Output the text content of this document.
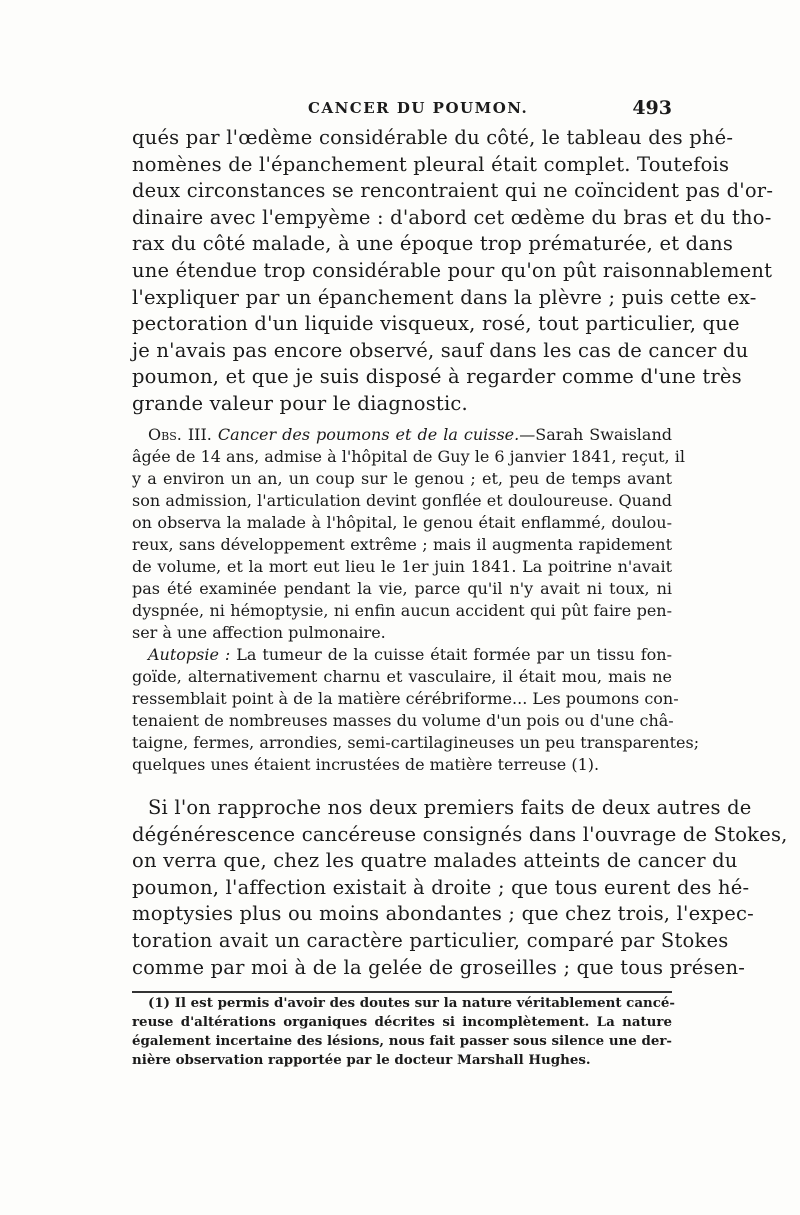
CANCER DU POUMON.	493
qués par l'œdème considérable du côté, le tableau des phé-
nomènes de l'épanchement pleural était complet. Toutefois
deux circonstances se rencontraient qui ne coïncident pas d'or-
dinaire avec l'empyème : d'abord cet œdème du bras et du tho-
rax du côté malade, à une époque trop prématurée, et dans
une étendue trop considérable pour qu'on pût raisonnablement
l'expliquer par un épanchement dans la plèvre ; puis cette ex-
pectoration d'un liquide visqueux, rosé, tout particulier, que
je n'avais pas encore observé, sauf dans les cas de cancer du
poumon, et que je suis disposé à regarder comme d'une très
grande valeur pour le diagnostic.
Obs. III. Cancer des poumons et de la cuisse.—Sarah Swaisland
âgée de 14 ans, admise à l'hôpital de Guy le 6 janvier 1841, reçut, il
y a environ un an, un coup sur le genou ; et, peu de temps avant
son admission, l'articulation devint gonflée et douloureuse. Quand
on observa la malade à l'hôpital, le genou était enflammé, doulou-
reux, sans développement extrême ; mais il augmenta rapidement
de volume, et la mort eut lieu le 1er juin 1841. La poitrine n'avait
pas été examinée pendant la vie, parce qu'il n'y avait ni toux, ni
dyspnée, ni hémoptysie, ni enfin aucun accident qui pût faire pen-
ser à une affection pulmonaire.
Autopsie : La tumeur de la cuisse était formée par un tissu fon-
goïde, alternativement charnu et vasculaire, il était mou, mais ne
ressemblait point à de la matière cérébriforme... Les poumons con-
tenaient de nombreuses masses du volume d'un pois ou d'une châ-
taigne, fermes, arrondies, semi-cartilagineuses un peu transparentes;
quelques unes étaient incrustées de matière terreuse (1).
Si l'on rapproche nos deux premiers faits de deux autres de
dégénérescence cancéreuse consignés dans l'ouvrage de Stokes,
on verra que, chez les quatre malades atteints de cancer du
poumon, l'affection existait à droite ; que tous eurent des hé-
moptysies plus ou moins abondantes ; que chez trois, l'expec-
toration avait un caractère particulier, comparé par Stokes
comme par moi à de la gelée de groseilles ; que tous présen-
(1) Il est permis d'avoir des doutes sur la nature véritablement cancé-
reuse d'altérations organiques décrites si incomplètement. La nature
également incertaine des lésions, nous fait passer sous silence une der-
nière observation rapportée par le docteur Marshall Hughes.
